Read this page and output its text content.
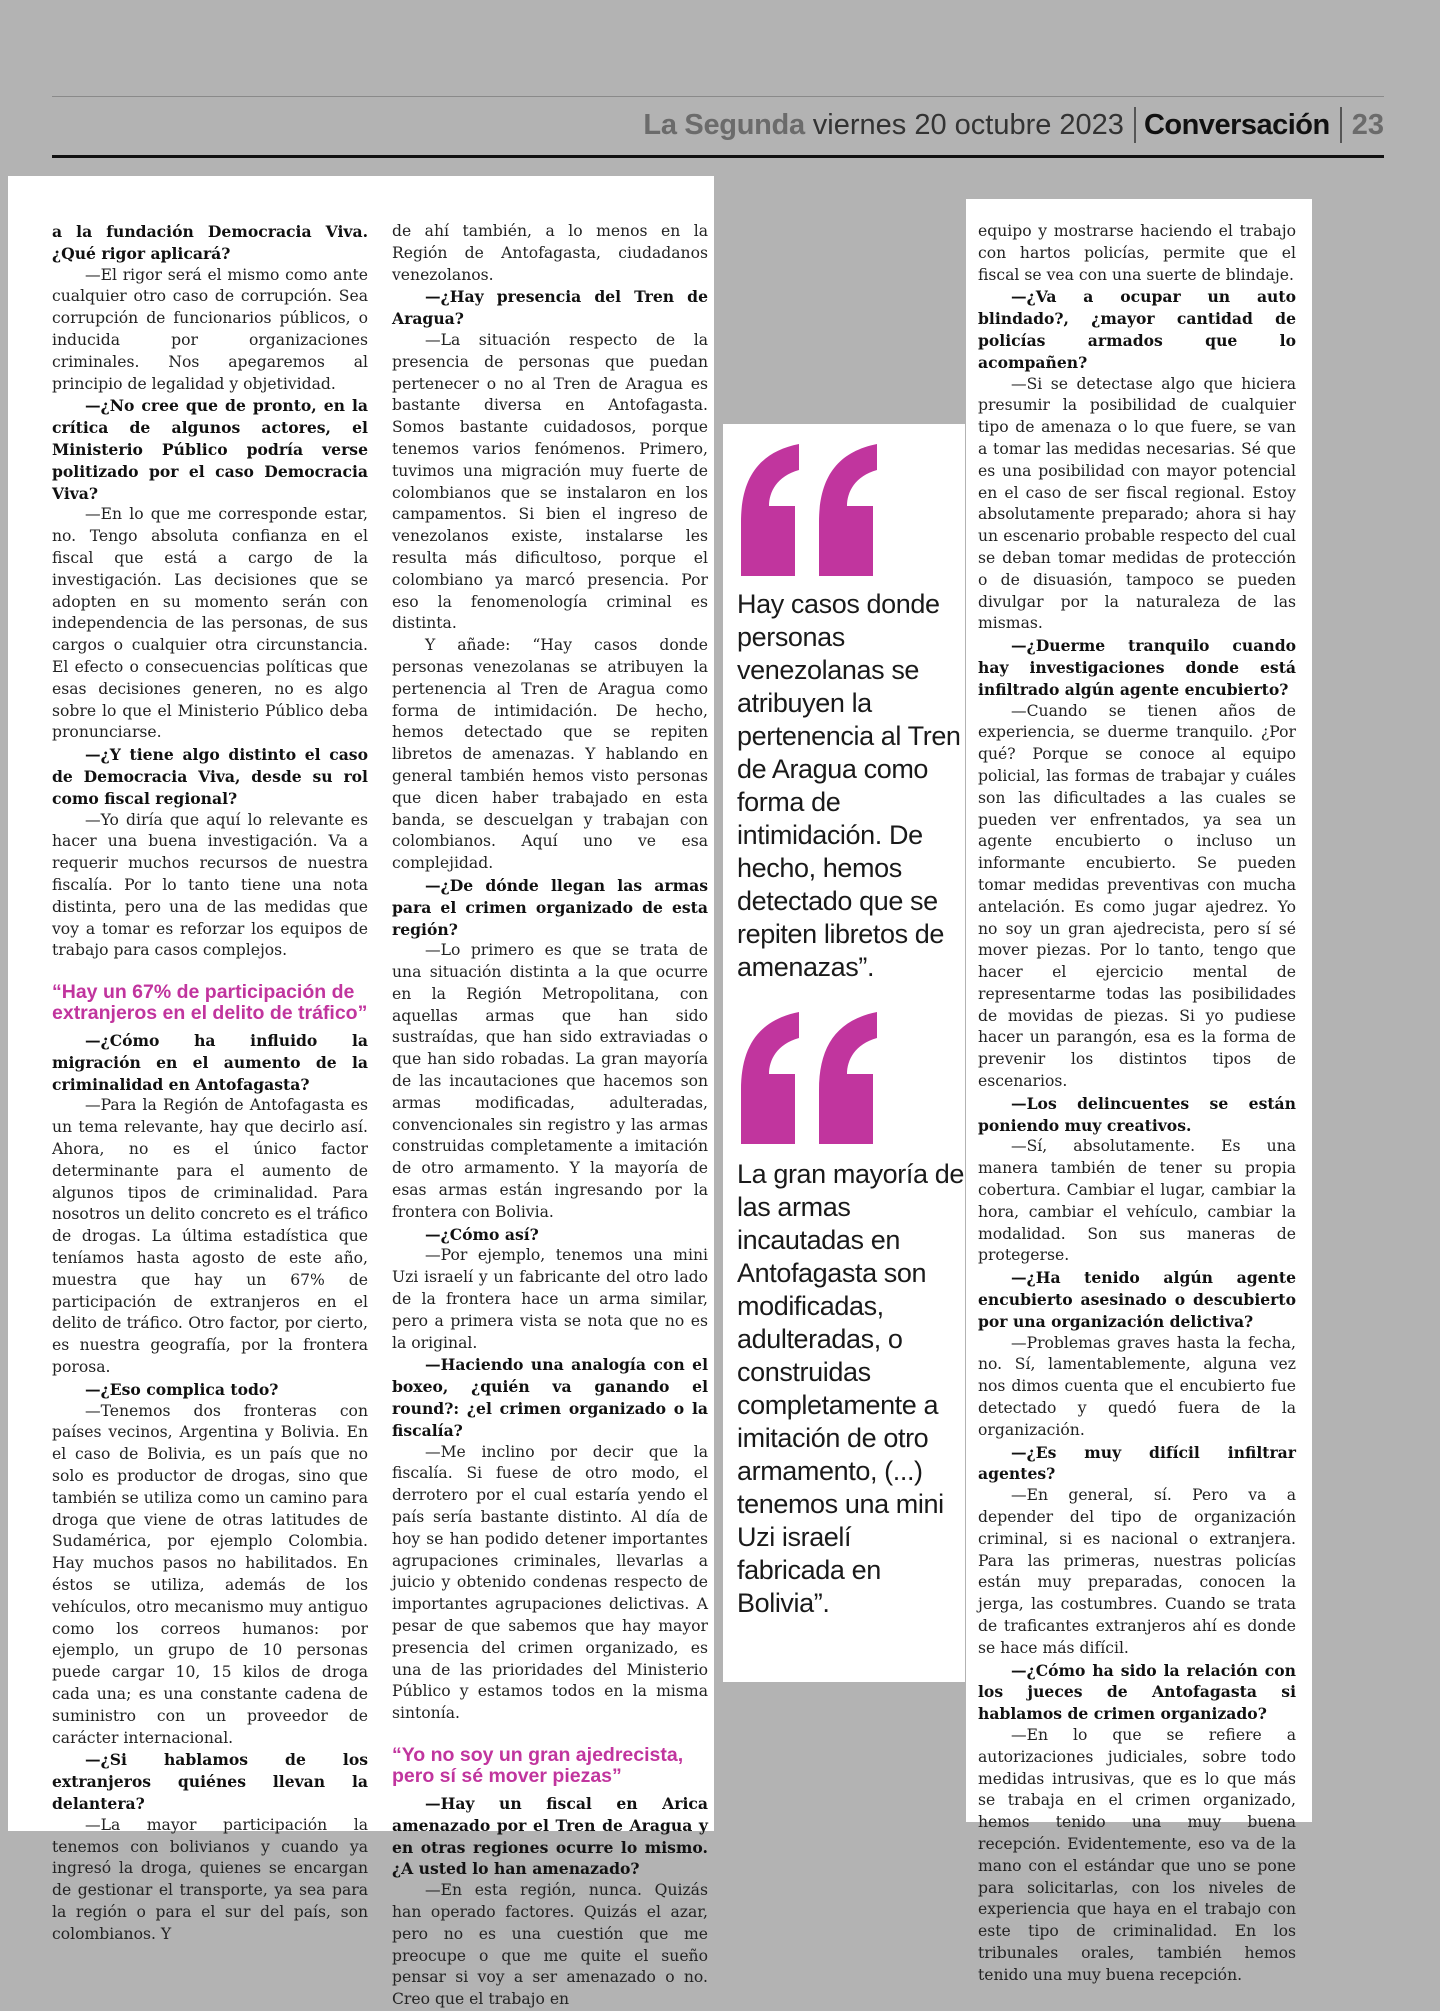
La Segunda viernes 20 octubre 2023 Conversación 23

a la fundación Democracia Viva. ¿Qué rigor aplicará?

—El rigor será el mismo como ante cualquier otro caso de corrupción. Sea corrupción de funcionarios públicos, o inducida por organizaciones criminales. Nos apegaremos al principio de legalidad y objetividad.

—¿No cree que de pronto, en la crítica de algunos actores, el Ministerio Público podría verse politizado por el caso Democracia Viva?

—En lo que me corresponde estar, no. Tengo absoluta confianza en el fiscal que está a cargo de la investigación. Las decisiones que se adopten en su momento serán con independencia de las personas, de sus cargos o cualquier otra circunstancia. El efecto o consecuencias políticas que esas decisiones generen, no es algo sobre lo que el Ministerio Público deba pronunciarse.

—¿Y tiene algo distinto el caso de Democracia Viva, desde su rol como fiscal regional?

—Yo diría que aquí lo relevante es hacer una buena investigación. Va a requerir muchos recursos de nuestra fiscalía. Por lo tanto tiene una nota distinta, pero una de las medidas que voy a tomar es reforzar los equipos de trabajo para casos complejos.

“Hay un 67% de participación de extranjeros en el delito de tráfico”

—¿Cómo ha influido la migración en el aumento de la criminalidad en Antofagasta?

—Para la Región de Antofagasta es un tema relevante, hay que decirlo así. Ahora, no es el único factor determinante para el aumento de algunos tipos de criminalidad. Para nosotros un delito concreto es el tráfico de drogas. La última estadística que teníamos hasta agosto de este año, muestra que hay un 67% de participación de extranjeros en el delito de tráfico. Otro factor, por cierto, es nuestra geografía, por la frontera porosa.

—¿Eso complica todo?

—Tenemos dos fronteras con países vecinos, Argentina y Bolivia. En el caso de Bolivia, es un país que no solo es productor de drogas, sino que también se utiliza como un camino para droga que viene de otras latitudes de Sudamérica, por ejemplo Colombia. Hay muchos pasos no habilitados. En éstos se utiliza, además de los vehículos, otro mecanismo muy antiguo como los correos humanos: por ejemplo, un grupo de 10 personas puede cargar 10, 15 kilos de droga cada una; es una constante cadena de suministro con un proveedor de carácter internacional.

—¿Si hablamos de los extranjeros quiénes llevan la delantera?

—La mayor participación la tenemos con bolivianos y cuando ya ingresó la droga, quienes se encargan de gestionar el transporte, ya sea para la región o para el sur del país, son colombianos. Y

de ahí también, a lo menos en la Región de Antofagasta, ciudadanos venezolanos.

—¿Hay presencia del Tren de Aragua?

—La situación respecto de la presencia de personas que puedan pertenecer o no al Tren de Aragua es bastante diversa en Antofagasta. Somos bastante cuidadosos, porque tenemos varios fenómenos. Primero, tuvimos una migración muy fuerte de colombianos que se instalaron en los campamentos. Si bien el ingreso de venezolanos existe, instalarse les resulta más dificultoso, porque el colombiano ya marcó presencia. Por eso la fenomenología criminal es distinta.

Y añade: “Hay casos donde personas venezolanas se atribuyen la pertenencia al Tren de Aragua como forma de intimidación. De hecho, hemos detectado que se repiten libretos de amenazas. Y hablando en general también hemos visto personas que dicen haber trabajado en esta banda, se descuelgan y trabajan con colombianos. Aquí uno ve esa complejidad.

—¿De dónde llegan las armas para el crimen organizado de esta región?

—Lo primero es que se trata de una situación distinta a la que ocurre en la Región Metropolitana, con aquellas armas que han sido sustraídas, que han sido extraviadas o que han sido robadas. La gran mayoría de las incautaciones que hacemos son armas modificadas, adulteradas, convencionales sin registro y las armas construidas completamente a imitación de otro armamento. Y la mayoría de esas armas están ingresando por la frontera con Bolivia.

—¿Cómo así?

—Por ejemplo, tenemos una mini Uzi israelí y un fabricante del otro lado de la frontera hace un arma similar, pero a primera vista se nota que no es la original.

—Haciendo una analogía con el boxeo, ¿quién va ganando el round?: ¿el crimen organizado o la fiscalía?

—Me inclino por decir que la fiscalía. Si fuese de otro modo, el derrotero por el cual estaría yendo el país sería bastante distinto. Al día de hoy se han podido detener importantes agrupaciones criminales, llevarlas a juicio y obtenido condenas respecto de importantes agrupaciones delictivas. A pesar de que sabemos que hay mayor presencia del crimen organizado, es una de las prioridades del Ministerio Público y estamos todos en la misma sintonía.

“Yo no soy un gran ajedrecista, pero sí sé mover piezas”

—Hay un fiscal en Arica amenazado por el Tren de Aragua y en otras regiones ocurre lo mismo. ¿A usted lo han amenazado?

—En esta región, nunca. Quizás han operado factores. Quizás el azar, pero no es una cuestión que me preocupe o que me quite el sueño pensar si voy a ser amenazado o no. Creo que el trabajo en

Hay casos donde personas venezolanas se atribuyen la pertenencia al Tren de Aragua como forma de intimidación. De hecho, hemos detectado que se repiten libretos de amenazas”.
La gran mayoría de las armas incautadas en Antofagasta son modificadas, adulteradas, o construidas completamente a imitación de otro armamento, (...) tenemos una mini Uzi israelí fabricada en Bolivia”.

equipo y mostrarse haciendo el trabajo con hartos policías, permite que el fiscal se vea con una suerte de blindaje.

—¿Va a ocupar un auto blindado?, ¿mayor cantidad de policías armados que lo acompañen?

—Si se detectase algo que hiciera presumir la posibilidad de cualquier tipo de amenaza o lo que fuere, se van a tomar las medidas necesarias. Sé que es una posibilidad con mayor potencial en el caso de ser fiscal regional. Estoy absolutamente preparado; ahora si hay un escenario probable respecto del cual se deban tomar medidas de protección o de disuasión, tampoco se pueden divulgar por la naturaleza de las mismas.

—¿Duerme tranquilo cuando hay investigaciones donde está infiltrado algún agente encubierto?

—Cuando se tienen años de experiencia, se duerme tranquilo. ¿Por qué? Porque se conoce al equipo policial, las formas de trabajar y cuáles son las dificultades a las cuales se pueden ver enfrentados, ya sea un agente encubierto o incluso un informante encubierto. Se pueden tomar medidas preventivas con mucha antelación. Es como jugar ajedrez. Yo no soy un gran ajedrecista, pero sí sé mover piezas. Por lo tanto, tengo que hacer el ejercicio mental de representarme todas las posibilidades de movidas de piezas. Si yo pudiese hacer un parangón, esa es la forma de prevenir los distintos tipos de escenarios.

—Los delincuentes se están poniendo muy creativos.

—Sí, absolutamente. Es una manera también de tener su propia cobertura. Cambiar el lugar, cambiar la hora, cambiar el vehículo, cambiar la modalidad. Son sus maneras de protegerse.

—¿Ha tenido algún agente encubierto asesinado o descubierto por una organización delictiva?

—Problemas graves hasta la fecha, no. Sí, lamentablemente, alguna vez nos dimos cuenta que el encubierto fue detectado y quedó fuera de la organización.

—¿Es muy difícil infiltrar agentes?

—En general, sí. Pero va a depender del tipo de organización criminal, si es nacional o extranjera. Para las primeras, nuestras policías están muy preparadas, conocen la jerga, las costumbres. Cuando se trata de traficantes extranjeros ahí es donde se hace más difícil.

—¿Cómo ha sido la relación con los jueces de Antofagasta si hablamos de crimen organizado?

—En lo que se refiere a autorizaciones judiciales, sobre todo medidas intrusivas, que es lo que más se trabaja en el crimen organizado, hemos tenido una muy buena recepción. Evidentemente, eso va de la mano con el estándar que uno se pone para solicitarlas, con los niveles de experiencia que haya en el trabajo con este tipo de criminalidad. En los tribunales orales, también hemos tenido una muy buena recepción.
